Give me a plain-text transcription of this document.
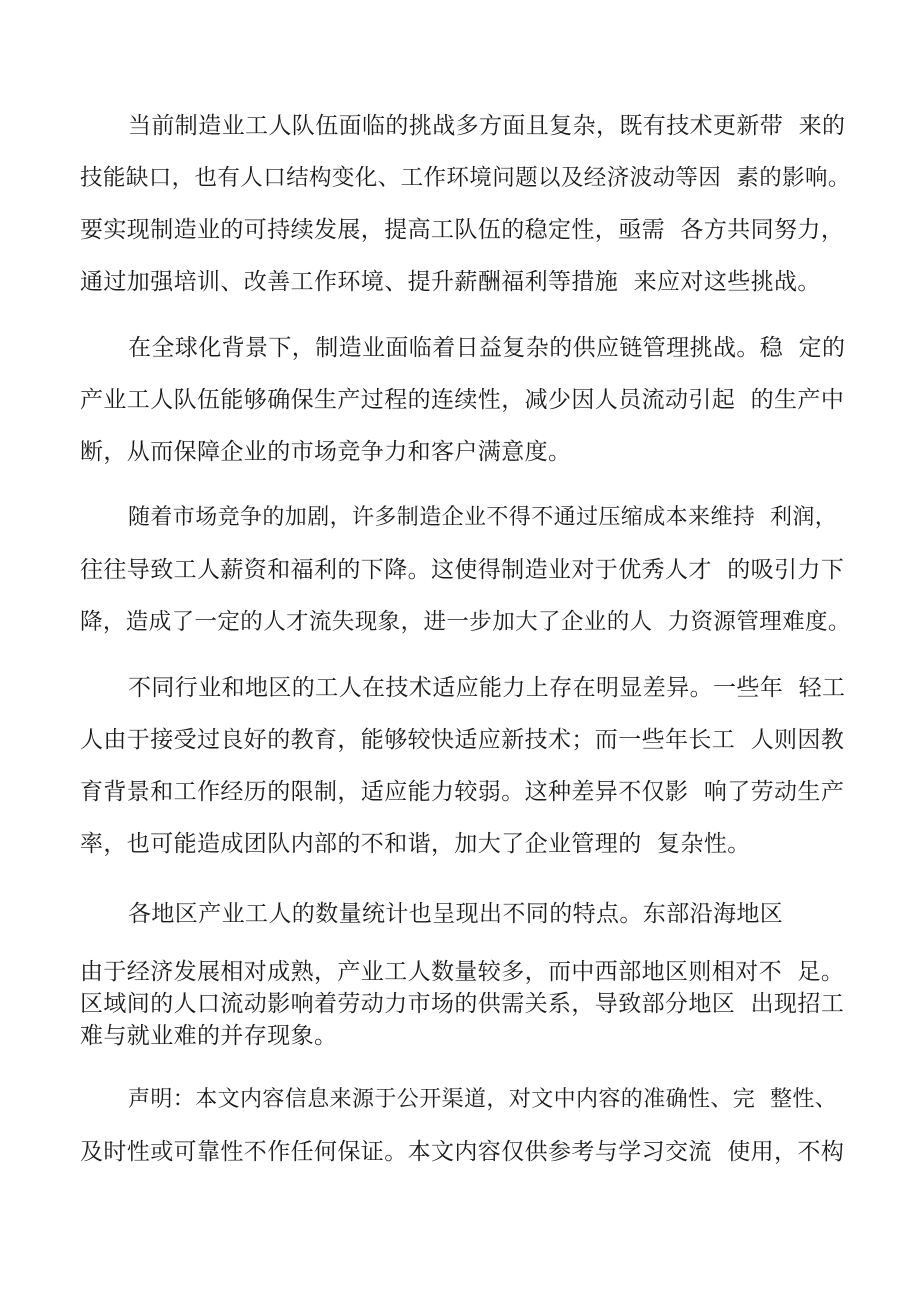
当前制造业工人队伍面临的挑战多方面且复杂，既有技术更新带  来的

技能缺口，也有人口结构变化、工作环境问题以及经济波动等因  素的影响。

要实现制造业的可持续发展，提高工队伍的稳定性，亟需  各方共同努力，

通过加强培训、改善工作环境、提升薪酬福利等措施  来应对这些挑战。

在全球化背景下，制造业面临着日益复杂的供应链管理挑战。稳  定的

产业工人队伍能够确保生产过程的连续性，减少因人员流动引起  的生产中

断，从而保障企业的市场竞争力和客户满意度。

随着市场竞争的加剧，许多制造企业不得不通过压缩成本来维持  利润，

往往导致工人薪资和福利的下降。这使得制造业对于优秀人才  的吸引力下

降，造成了一定的人才流失现象，进一步加大了企业的人  力资源管理难度。

不同行业和地区的工人在技术适应能力上存在明显差异。一些年  轻工

人由于接受过良好的教育，能够较快适应新技术；而一些年长工  人则因教

育背景和工作经历的限制，适应能力较弱。这种差异不仅影  响了劳动生产

率，也可能造成团队内部的不和谐，加大了企业管理的  复杂性。

各地区产业工人的数量统计也呈现出不同的特点。东部沿海地区

由于经济发展相对成熟，产业工人数量较多，而中西部地区则相对不  足。

区域间的人口流动影响着劳动力市场的供需关系，导致部分地区  出现招工

难与就业难的并存现象。

声明：本文内容信息来源于公开渠道，对文中内容的准确性、完  整性、

及时性或可靠性不作任何保证。本文内容仅供参考与学习交流  使用，不构
